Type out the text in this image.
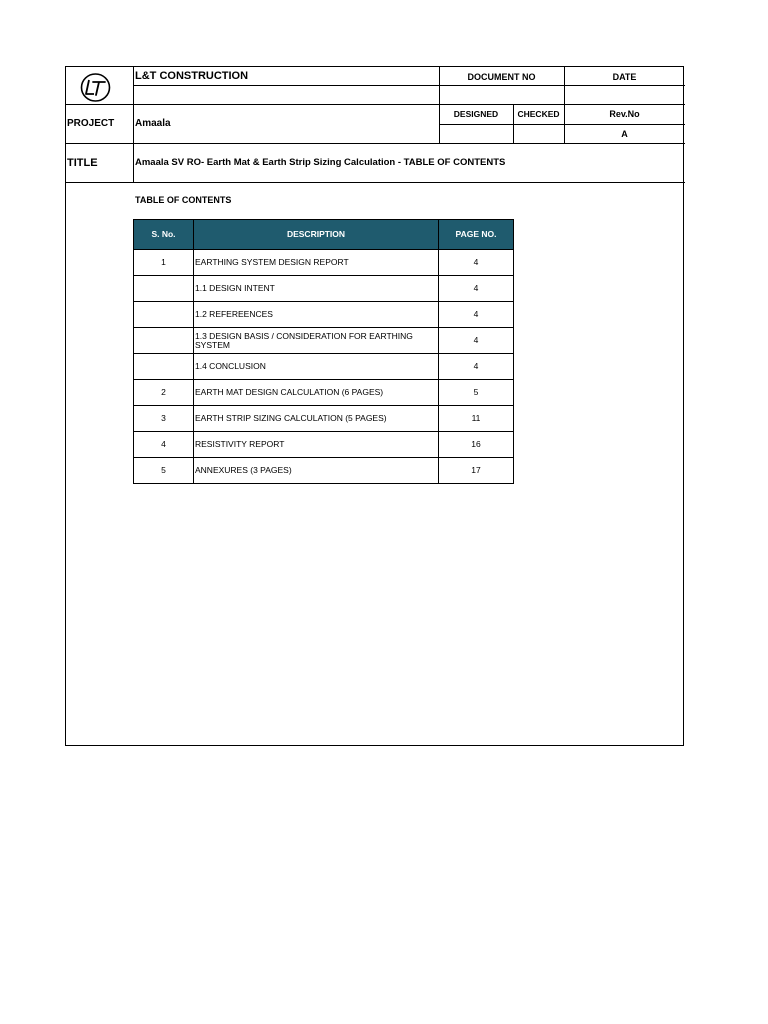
L&T CONSTRUCTION	DOCUMENT NO	DATE
DESIGNED	CHECKED	Rev.No
A
PROJECT Amaala
TITLE	Amaala SV RO- Earth Mat & Earth Strip Sizing Calculation - TABLE OF CONTENTS
TABLE OF CONTENTS
S. No.	DESCRIPTION	PAGE NO.
1	EARTHING SYSTEM DESIGN REPORT	4
	1.1 DESIGN INTENT	4
	1.2 REFEREENCES	4
	1.3 DESIGN BASIS / CONSIDERATION FOR EARTHING SYSTEM	4
	1.4 CONCLUSION	4
2	EARTH MAT DESIGN CALCULATION (6 PAGES)	5
3	EARTH STRIP SIZING CALCULATION (5 PAGES)	11
4	RESISTIVITY REPORT	16
5	ANNEXURES (3 PAGES)	17
